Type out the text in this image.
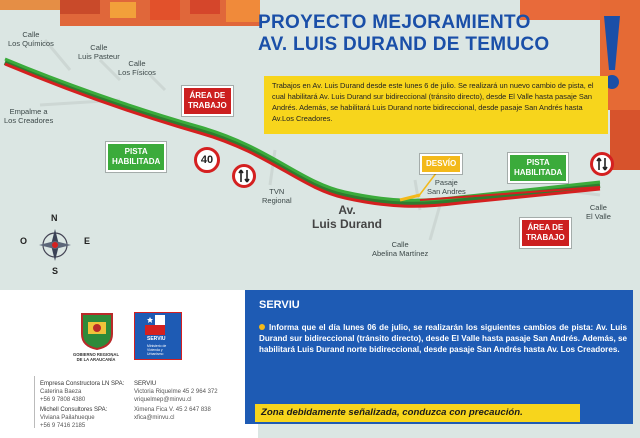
N
S
E
O
Calle
Los Químicos	Calle
Luis Pasteur
Calle
Los Físicos
Empalme a
Los Creadores
TVN
Regional
Av.
Luis Durand
Calle
Abelina Martínez
Pasaje
San Andres
Calle
El Valle
ÁREA DE
TRABAJO
PISTA
HABILITADA	DESVÍO	PISTA
HABILITADA
ÁREA DE
TRABAJO
40
PROYECTO MEJORAMIENTO
AV. LUIS DURAND DE TEMUCO
Trabajos en Av. Luis Durand desde este lunes 6 de julio. Se realizará un nuevo cambio de pista, el cual habilitará Av. Luis Durand sur bidireccional (tránsito directo), desde El Valle hasta pasaje San Andrés. Además, se habilitará Luis Durand norte bidireccional, desde pasaje San Andrés hasta Av.Los Creadores.
GOBIERNO REGIONAL
DE LA ARAUCANÍA
SERVIU
Ministerio de
Vivienda y
Urbanismo
Empresa Constructora LN SPA:
Caterina Baeza
+56 9 7808 4380
Michell Consultores SPA:
Viviana Pailahueque
+56 9 7416 2185
SERVIU
Victoria Riquelme 45 2 964 372
vriquelmep@minvu.cl
Ximena Fica V. 45 2 647 838
xfica@minvu.cl
SERVIU
Informa que el día lunes 06 de julio, se realizarán los siguientes cambios de pista: Av. Luis Durand sur bidireccional (tránsito directo), desde El Valle hasta pasaje San Andrés. Además, se habilitará Luis Durand norte bidireccional, desde pasaje San Andrés hasta Av. Los Creadores.
Zona debidamente señalizada, conduzca con precaución.
